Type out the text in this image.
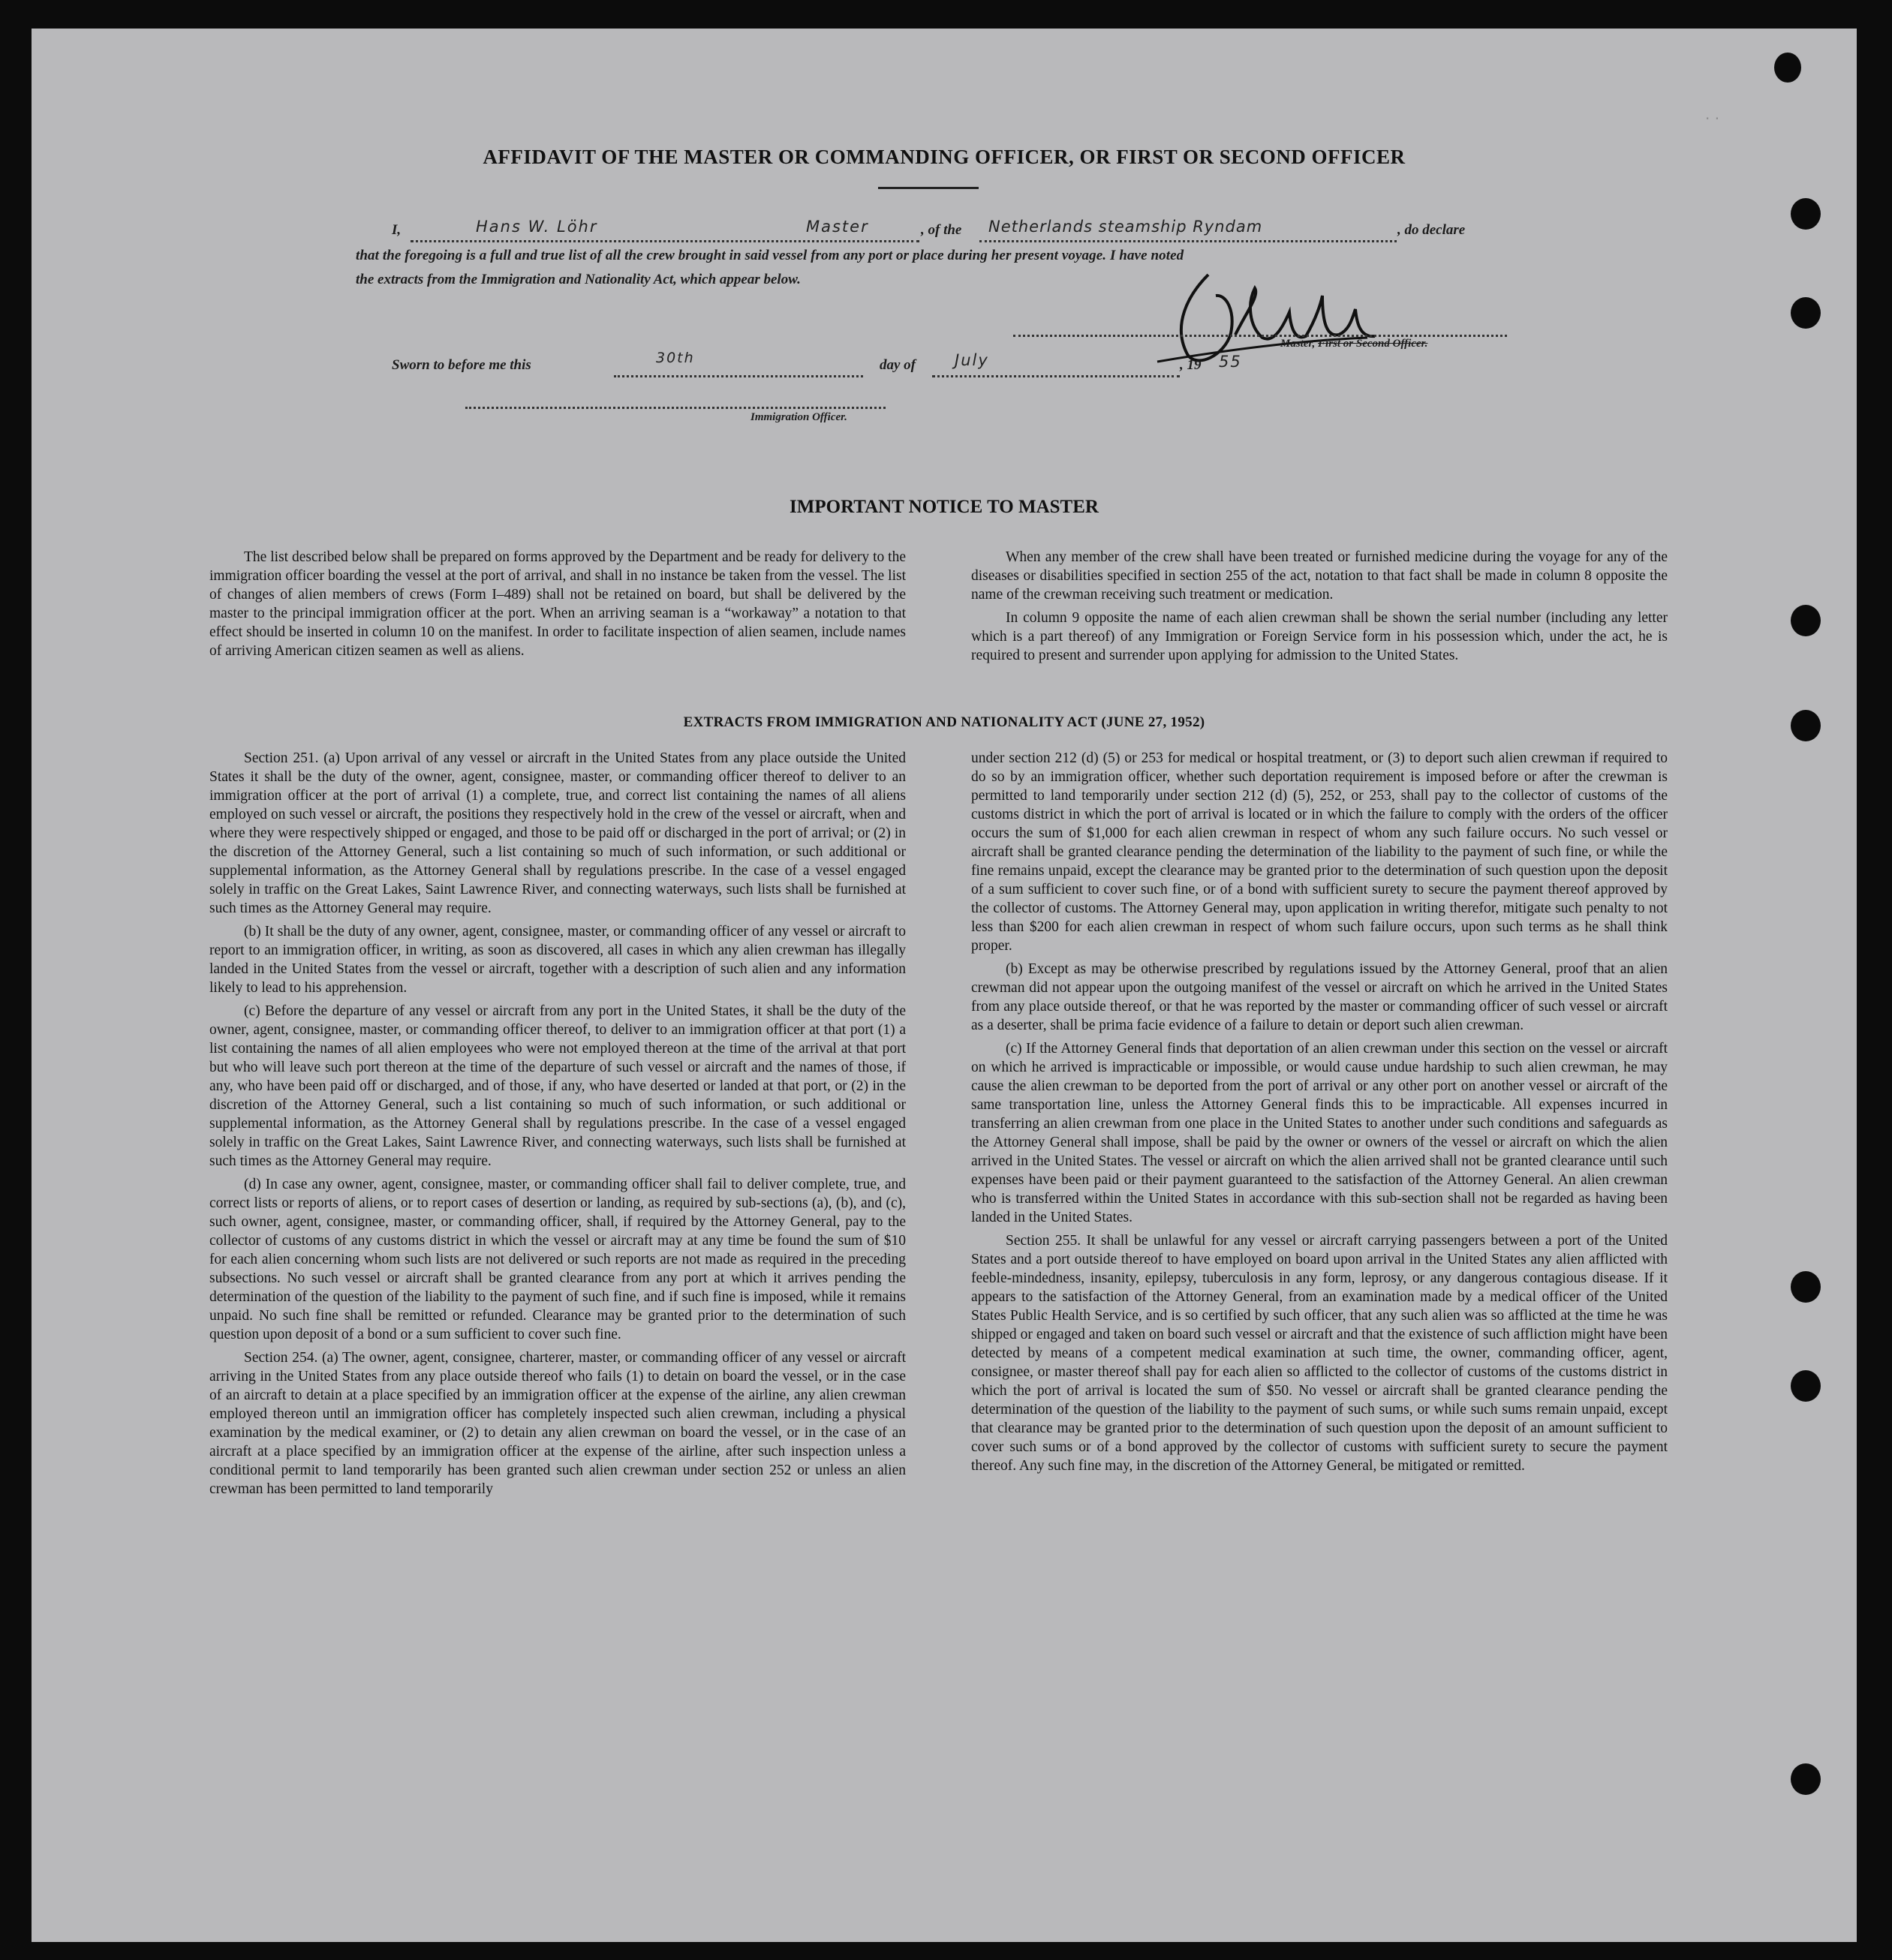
· ·
AFFIDAVIT OF THE MASTER OR COMMANDING OFFICER, OR FIRST OR SECOND OFFICER
I,	Hans W. Löhr	Master	, of the Netherlands steamship Ryndam	, do declare
that the foregoing is a full and true list of all the crew brought in said vessel from any port or place during her present voyage. I have noted
the extracts from the Immigration and Nationality Act, which appear below.
Master, First or Second Officer.
Sworn to before me this	30th	day of July	, 19 55
Immigration Officer.
IMPORTANT NOTICE TO MASTER

The list described below shall be prepared on forms approved by the Department and be ready for delivery to the immigration officer boarding the vessel at the port of arrival, and shall in no instance be taken from the vessel. The list of changes of alien members of crews (Form I–489) shall not be retained on board, but shall be delivered by the master to the principal immigration officer at the port. When an arriving seaman is a “workaway” a notation to that effect should be inserted in column 10 on the manifest. In order to facilitate inspection of alien seamen, include names of arriving American citizen seamen as well as aliens.

When any member of the crew shall have been treated or furnished medicine during the voyage for any of the diseases or disabilities specified in section 255 of the act, notation to that fact shall be made in column 8 opposite the name of the crewman receiving such treatment or medication.

In column 9 opposite the name of each alien crewman shall be shown the serial number (including any letter which is a part thereof) of any Immigration or Foreign Service form in his possession which, under the act, he is required to present and surrender upon applying for admission to the United States.

EXTRACTS FROM IMMIGRATION AND NATIONALITY ACT (JUNE 27, 1952)

Section 251. (a) Upon arrival of any vessel or aircraft in the United States from any place outside the United States it shall be the duty of the owner, agent, consignee, master, or commanding officer thereof to deliver to an immigration officer at the port of arrival (1) a complete, true, and correct list containing the names of all aliens employed on such vessel or aircraft, the positions they respectively hold in the crew of the vessel or aircraft, when and where they were respectively shipped or engaged, and those to be paid off or discharged in the port of arrival; or (2) in the discretion of the Attorney General, such a list containing so much of such information, or such additional or supplemental information, as the Attorney General shall by regulations prescribe. In the case of a vessel engaged solely in traffic on the Great Lakes, Saint Lawrence River, and connecting waterways, such lists shall be furnished at such times as the Attorney General may require.

(b) It shall be the duty of any owner, agent, consignee, master, or commanding officer of any vessel or aircraft to report to an immigration officer, in writing, as soon as discovered, all cases in which any alien crewman has illegally landed in the United States from the vessel or aircraft, together with a description of such alien and any information likely to lead to his apprehension.

(c) Before the departure of any vessel or aircraft from any port in the United States, it shall be the duty of the owner, agent, consignee, master, or commanding officer thereof, to deliver to an immigration officer at that port (1) a list containing the names of all alien employees who were not employed thereon at the time of the arrival at that port but who will leave such port thereon at the time of the departure of such vessel or aircraft and the names of those, if any, who have been paid off or discharged, and of those, if any, who have deserted or landed at that port, or (2) in the discretion of the Attorney General, such a list containing so much of such information, or such additional or supplemental information, as the Attorney General shall by regulations prescribe. In the case of a vessel engaged solely in traffic on the Great Lakes, Saint Lawrence River, and connecting waterways, such lists shall be furnished at such times as the Attorney General may require.

(d) In case any owner, agent, consignee, master, or commanding officer shall fail to deliver complete, true, and correct lists or reports of aliens, or to report cases of desertion or landing, as required by sub-sections (a), (b), and (c), such owner, agent, consignee, master, or commanding officer, shall, if required by the Attorney General, pay to the collector of customs of any customs district in which the vessel or aircraft may at any time be found the sum of $10 for each alien concerning whom such lists are not delivered or such reports are not made as required in the preceding subsections. No such vessel or aircraft shall be granted clearance from any port at which it arrives pending the determination of the question of the liability to the payment of such fine, and if such fine is imposed, while it remains unpaid. No such fine shall be remitted or refunded. Clearance may be granted prior to the determination of such question upon deposit of a bond or a sum sufficient to cover such fine.

Section 254. (a) The owner, agent, consignee, charterer, master, or commanding officer of any vessel or aircraft arriving in the United States from any place outside thereof who fails (1) to detain on board the vessel, or in the case of an aircraft to detain at a place specified by an immigration officer at the expense of the airline, any alien crewman employed thereon until an immigration officer has completely inspected such alien crewman, including a physical examination by the medical examiner, or (2) to detain any alien crewman on board the vessel, or in the case of an aircraft at a place specified by an immigration officer at the expense of the airline, after such inspection unless a conditional permit to land temporarily has been granted such alien crewman under section 252 or unless an alien crewman has been permitted to land temporarily

under section 212 (d) (5) or 253 for medical or hospital treatment, or (3) to deport such alien crewman if required to do so by an immigration officer, whether such deportation requirement is imposed before or after the crewman is permitted to land temporarily under section 212 (d) (5), 252, or 253, shall pay to the collector of customs of the customs district in which the port of arrival is located or in which the failure to comply with the orders of the officer occurs the sum of $1,000 for each alien crewman in respect of whom any such failure occurs. No such vessel or aircraft shall be granted clearance pending the determination of the liability to the payment of such fine, or while the fine remains unpaid, except the clearance may be granted prior to the determination of such question upon the deposit of a sum sufficient to cover such fine, or of a bond with sufficient surety to secure the payment thereof approved by the collector of customs. The Attorney General may, upon application in writing therefor, mitigate such penalty to not less than $200 for each alien crewman in respect of whom such failure occurs, upon such terms as he shall think proper.

(b) Except as may be otherwise prescribed by regulations issued by the Attorney General, proof that an alien crewman did not appear upon the outgoing manifest of the vessel or aircraft on which he arrived in the United States from any place outside thereof, or that he was reported by the master or commanding officer of such vessel or aircraft as a deserter, shall be prima facie evidence of a failure to detain or deport such alien crewman.

(c) If the Attorney General finds that deportation of an alien crewman under this section on the vessel or aircraft on which he arrived is impracticable or impossible, or would cause undue hardship to such alien crewman, he may cause the alien crewman to be deported from the port of arrival or any other port on another vessel or aircraft of the same transportation line, unless the Attorney General finds this to be impracticable. All expenses incurred in transferring an alien crewman from one place in the United States to another under such conditions and safeguards as the Attorney General shall impose, shall be paid by the owner or owners of the vessel or aircraft on which the alien arrived in the United States. The vessel or aircraft on which the alien arrived shall not be granted clearance until such expenses have been paid or their payment guaranteed to the satisfaction of the Attorney General. An alien crewman who is transferred within the United States in accordance with this sub-section shall not be regarded as having been landed in the United States.

Section 255. It shall be unlawful for any vessel or aircraft carrying passengers between a port of the United States and a port outside thereof to have employed on board upon arrival in the United States any alien afflicted with feeble-mindedness, insanity, epilepsy, tuberculosis in any form, leprosy, or any dangerous contagious disease. If it appears to the satisfaction of the Attorney General, from an examination made by a medical officer of the United States Public Health Service, and is so certified by such officer, that any such alien was so afflicted at the time he was shipped or engaged and taken on board such vessel or aircraft and that the existence of such affliction might have been detected by means of a competent medical examination at such time, the owner, commanding officer, agent, consignee, or master thereof shall pay for each alien so afflicted to the collector of customs of the customs district in which the port of arrival is located the sum of $50. No vessel or aircraft shall be granted clearance pending the determination of the question of the liability to the payment of such sums, or while such sums remain unpaid, except that clearance may be granted prior to the determination of such question upon the deposit of an amount sufficient to cover such sums or of a bond approved by the collector of customs with sufficient surety to secure the payment thereof. Any such fine may, in the discretion of the Attorney General, be mitigated or remitted.
